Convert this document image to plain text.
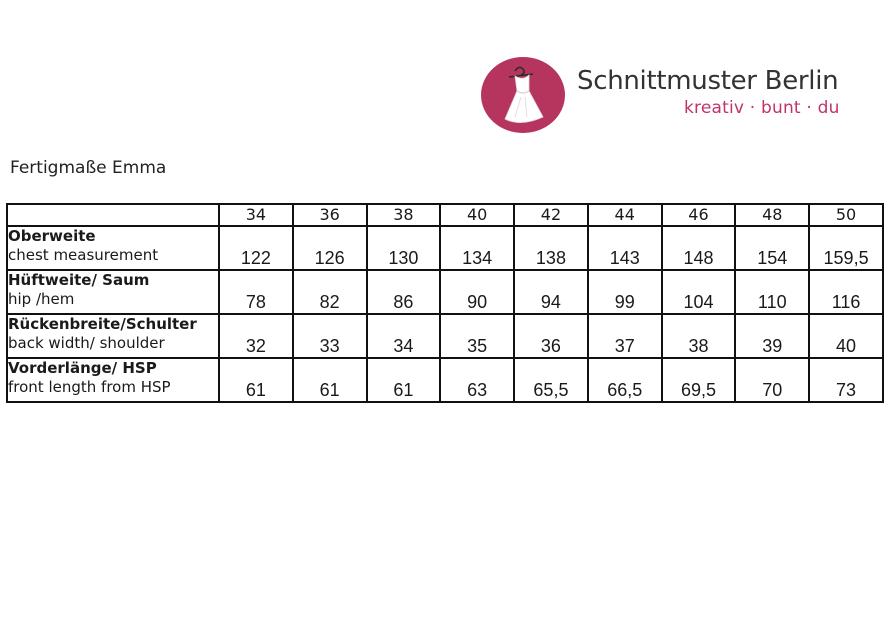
Schnittmuster Berlin
kreativ · bunt · du
Fertigmaße Emma
	34	36	38	40	42	44	46	48	50

Oberweite
chest measurement	122	126	130	134	138	143	148	154	159,5

Hüftweite/ Saum
hip /hem	78	82	86	90	94	99	104	110	116

Rückenbreite/Schulter
back width/ shoulder	32	33	34	35	36	37	38	39	40

Vorderlänge/ HSP
front length from HSP	61	61	61	63	65,5	66,5	69,5	70	73
